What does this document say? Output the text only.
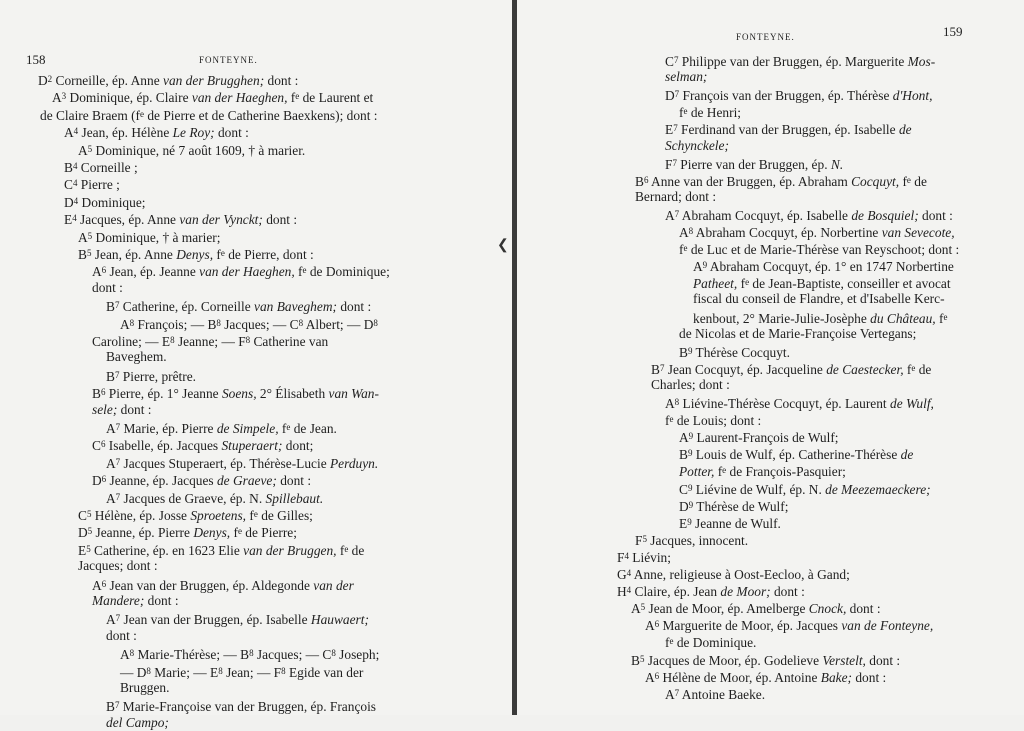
158	FONTEYNE.
$D^2$ Corneille, ép. Anne van der Brugghen; dont :
$A^3$ Dominique, ép. Claire van der Haeghen, $f^e$ de Laurent et
de Claire Braem ($f^e$ de Pierre et de Catherine Baexkens); dont :
$A^4$ Jean, ép. Hélène Le Roy; dont :
$A^5$ Dominique, né 7 août 1609, † à marier.
$B^4$ Corneille ;
$C^4$ Pierre ;
$D^4$ Dominique;
$E^4$ Jacques, ép. Anne van der Vynckt; dont :
$A^5$ Dominique, † à marier;
$B^5$ Jean, ép. Anne Denys, $f^e$ de Pierre, dont :
$A^6$ Jean, ép. Jeanne van der Haeghen, $f^e$ de Dominique;
dont :
$B^7$ Catherine, ép. Corneille van Baveghem; dont :
$A^8$ François; — $B^8$ Jacques; — $C^8$ Albert; — $D^8$
Caroline; — $E^8$ Jeanne; — $F^8$ Catherine van
Baveghem.
$B^7$ Pierre, prêtre.
$B^6$ Pierre, ép. 1° Jeanne Soens, 2° Élisabeth van Wan-
sele; dont :
$A^7$ Marie, ép. Pierre de Simpele, $f^e$ de Jean.
$C^6$ Isabelle, ép. Jacques Stuperaert; dont;
$A^7$ Jacques Stuperaert, ép. Thérèse-Lucie Perduyn.
$D^6$ Jeanne, ép. Jacques de Graeve; dont :
$A^7$ Jacques de Graeve, ép. N. Spillebaut.
$C^5$ Hélène, ép. Josse Sproetens, $f^e$ de Gilles;
$D^5$ Jeanne, ép. Pierre Denys, $f^e$ de Pierre;
$E^5$ Catherine, ép. en 1623 Elie van der Bruggen, $f^e$ de
Jacques; dont :
$A^6$ Jean van der Bruggen, ép. Aldegonde van der
Mandere; dont :
$A^7$ Jean van der Bruggen, ép. Isabelle Hauwaert;
dont :
$A^8$ Marie-Thérèse; — $B^8$ Jacques; — $C^8$ Joseph;
— $D^8$ Marie; — $E^8$ Jean; — $F^8$ Egide van der
Bruggen.
$B^7$ Marie-Françoise van der Bruggen, ép. François
del Campo;
❮
159
FONTEYNE.
$C^7$ Philippe van der Bruggen, ép. Marguerite Mos-
selman;
$D^7$ François van der Bruggen, ép. Thérèse d'Hont,
$f^e$ de Henri;
$E^7$ Ferdinand van der Bruggen, ép. Isabelle de
Schynckele;
$F^7$ Pierre van der Bruggen, ép. N.
$B^6$ Anne van der Bruggen, ép. Abraham Cocquyt, $f^e$ de
Bernard; dont :
$A^7$ Abraham Cocquyt, ép. Isabelle de Bosquiel; dont :
$A^8$ Abraham Cocquyt, ép. Norbertine van Sevecote,
$f^e$ de Luc et de Marie-Thérèse van Reyschoot; dont :
$A^9$ Abraham Cocquyt, ép. 1° en 1747 Norbertine
Patheet, $f^e$ de Jean-Baptiste, conseiller et avocat
fiscal du conseil de Flandre, et d'Isabelle Kerc-
kenbout, 2° Marie-Julie-Josèphe du Château, $f^e$
de Nicolas et de Marie-Françoise Vertegans;
$B^9$ Thérèse Cocquyt.
$B^7$ Jean Cocquyt, ép. Jacqueline de Caestecker, $f^e$ de
Charles; dont :
$A^8$ Liévine-Thérèse Cocquyt, ép. Laurent de Wulf,
$f^e$ de Louis; dont :
$A^9$ Laurent-François de Wulf;
$B^9$ Louis de Wulf, ép. Catherine-Thérèse de
Potter, $f^e$ de François-Pasquier;
$C^9$ Liévine de Wulf, ép. N. de Meezemaeckere;
$D^9$ Thérèse de Wulf;
$E^9$ Jeanne de Wulf.
$F^5$ Jacques, innocent.
$F^4$ Liévin;
$G^4$ Anne, religieuse à Oost-Eecloo, à Gand;
$H^4$ Claire, ép. Jean de Moor; dont :
$A^5$ Jean de Moor, ép. Amelberge Cnock, dont :
$A^6$ Marguerite de Moor, ép. Jacques van de Fonteyne,
$f^e$ de Dominique.
$B^5$ Jacques de Moor, ép. Godelieve Verstelt, dont :
$A^6$ Hélène de Moor, ép. Antoine Bake; dont :
$A^7$ Antoine Baeke.
